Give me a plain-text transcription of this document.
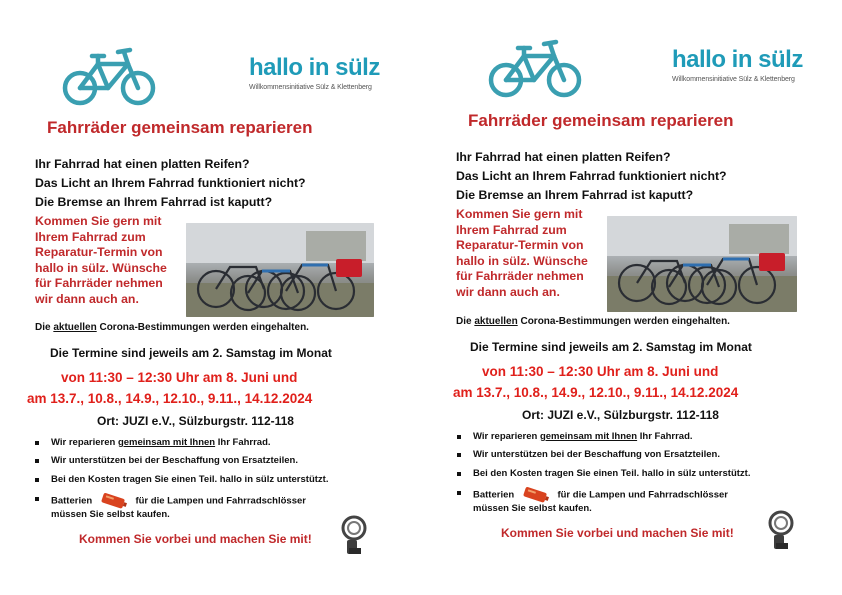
hallo in sülz
Willkommensinitiative Sülz & Klettenberg
Fahrräder gemeinsam reparieren
Ihr Fahrrad hat einen platten Reifen?
Das Licht an Ihrem Fahrrad funktioniert nicht?
Die Bremse an Ihrem Fahrrad ist kaputt?
Kommen Sie gern mit
Ihrem Fahrrad zum
Reparatur-Termin von
hallo in sülz. Wünsche
für Fahrräder nehmen
wir dann auch an.
Die aktuellen Corona-Bestimmungen werden eingehalten.
Die Termine sind jeweils am 2. Samstag im Monat
von 11:30 – 12:30 Uhr am 8. Juni und
am 13.7., 10.8., 14.9., 12.10., 9.11., 14.12.2024
Ort: JUZI e.V., Sülzburgstr. 112-118
Wir reparieren gemeinsam mit Ihnen Ihr Fahrrad.
Wir unterstützen bei der Beschaffung von Ersatzteilen.
Bei den Kosten tragen Sie einen Teil. hallo in sülz unterstützt.
Batterien	für die Lampen und Fahrradschlösser
müssen Sie selbst kaufen.
Kommen Sie vorbei und machen Sie mit!
hallo in sülz
Willkommensinitiative Sülz & Klettenberg
Fahrräder gemeinsam reparieren
Ihr Fahrrad hat einen platten Reifen?
Das Licht an Ihrem Fahrrad funktioniert nicht?
Die Bremse an Ihrem Fahrrad ist kaputt?
Kommen Sie gern mit
Ihrem Fahrrad zum
Reparatur-Termin von
hallo in sülz. Wünsche
für Fahrräder nehmen
wir dann auch an.
Die aktuellen Corona-Bestimmungen werden eingehalten.
Die Termine sind jeweils am 2. Samstag im Monat
von 11:30 – 12:30 Uhr am 8. Juni und
am 13.7., 10.8., 14.9., 12.10., 9.11., 14.12.2024
Ort: JUZI e.V., Sülzburgstr. 112-118
Wir reparieren gemeinsam mit Ihnen Ihr Fahrrad.
Wir unterstützen bei der Beschaffung von Ersatzteilen.
Bei den Kosten tragen Sie einen Teil. hallo in sülz unterstützt.
Batterien	für die Lampen und Fahrradschlösser
müssen Sie selbst kaufen.
Kommen Sie vorbei und machen Sie mit!
